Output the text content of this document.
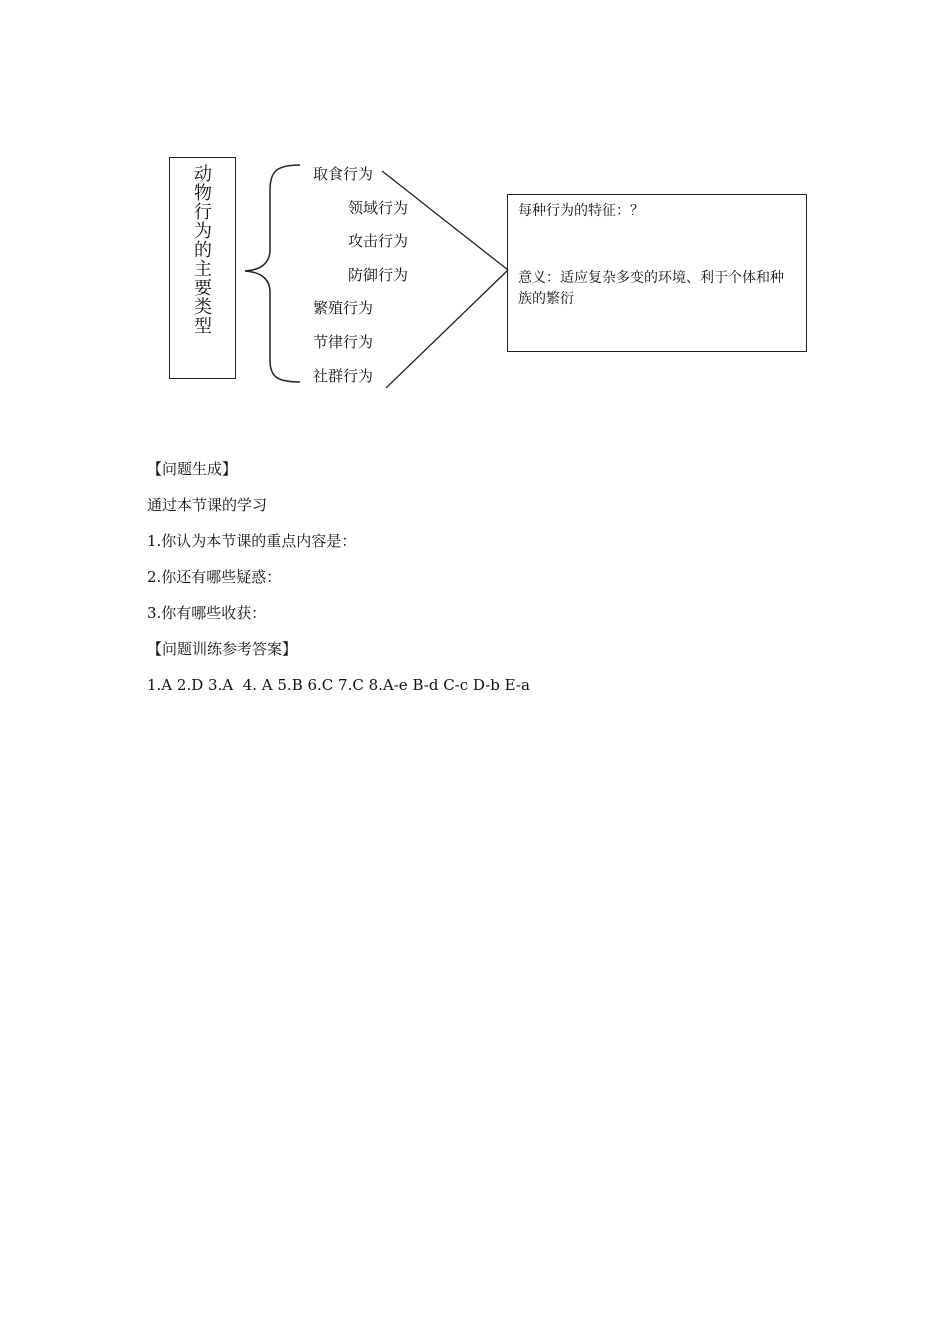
动物行为的主要类型	取食行为
领域行为
攻击行为
防御行为
繁殖行为
节律行为
社群行为
每种行为的特征：？
意义：适应复杂多变的环境、利于个体和种族的繁衍
【问题生成】
通过本节课的学习
1.你认为本节课的重点内容是：
2.你还有哪些疑惑：
3.你有哪些收获：
【问题训练参考答案】
1.A 2.D 3.A  4. A 5.B 6.C 7.C 8.A-e B-d C-c D-b E-a
